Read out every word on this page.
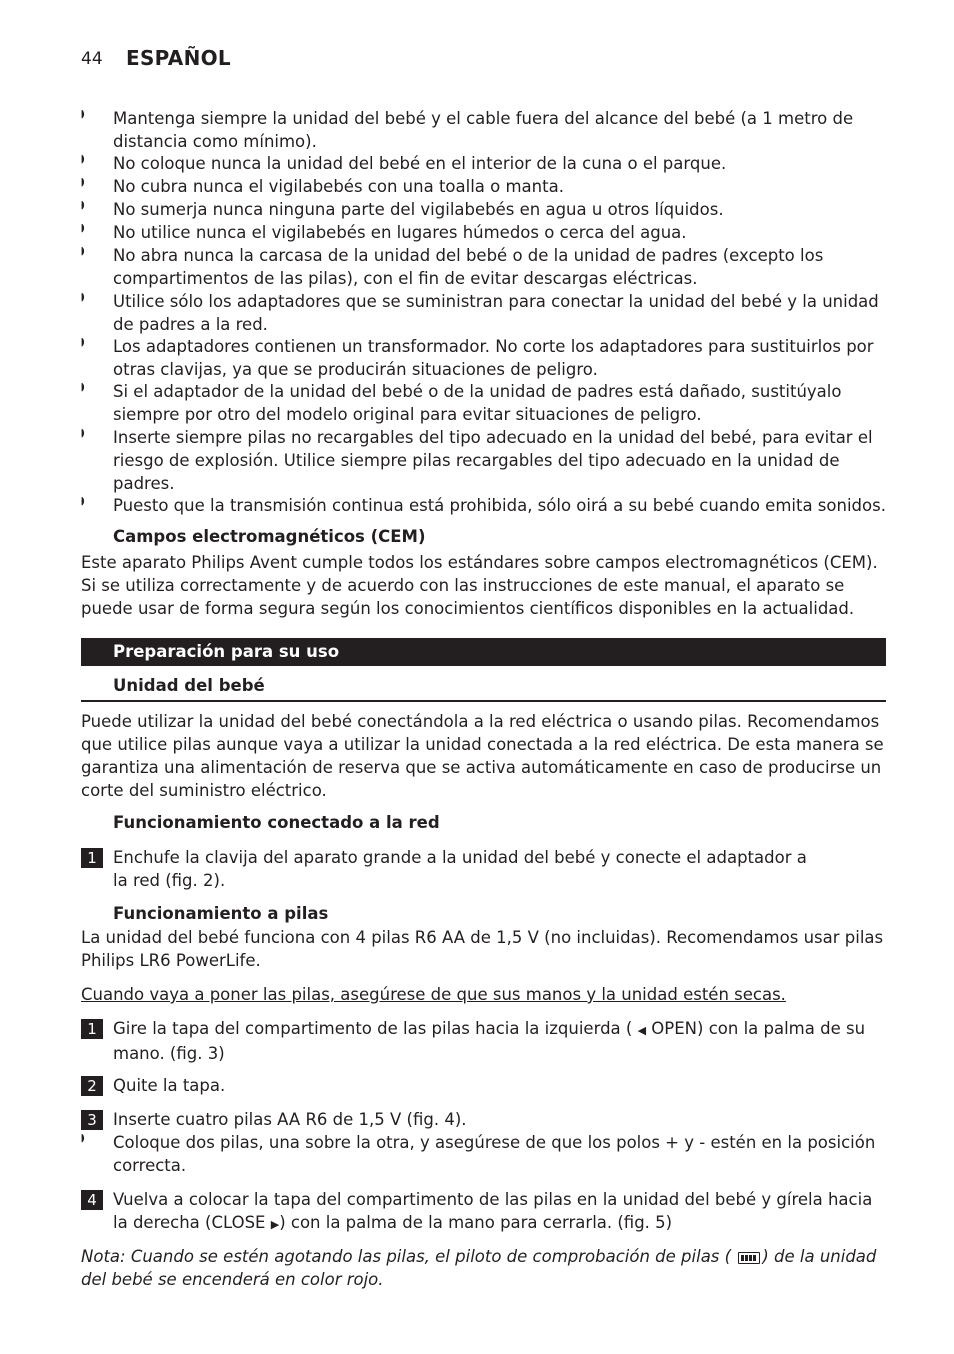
44 ESPAÑOL
◗ Mantenga siempre la unidad del bebé y el cable fuera del alcance del bebé (a 1 metro de distancia como mínimo).
◗ No coloque nunca la unidad del bebé en el interior de la cuna o el parque.
◗ No cubra nunca el vigilabebés con una toalla o manta.
◗ No sumerja nunca ninguna parte del vigilabebés en agua u otros líquidos.
◗ No utilice nunca el vigilabebés en lugares húmedos o cerca del agua.
◗ No abra nunca la carcasa de la unidad del bebé o de la unidad de padres (excepto los compartimentos de las pilas), con el fin de evitar descargas eléctricas.
◗ Utilice sólo los adaptadores que se suministran para conectar la unidad del bebé y la unidad de padres a la red.
◗ Los adaptadores contienen un transformador. No corte los adaptadores para sustituirlos por otras clavijas, ya que se producirán situaciones de peligro.
◗ Si el adaptador de la unidad del bebé o de la unidad de padres está dañado, sustitúyalo siempre por otro del modelo original para evitar situaciones de peligro.
◗ Inserte siempre pilas no recargables del tipo adecuado en la unidad del bebé, para evitar el riesgo de explosión. Utilice siempre pilas recargables del tipo adecuado en la unidad de padres.
◗ Puesto que la transmisión continua está prohibida, sólo oirá a su bebé cuando emita sonidos.
Campos electromagnéticos (CEM)
Este aparato Philips Avent cumple todos los estándares sobre campos electromagnéticos (CEM). Si se utiliza correctamente y de acuerdo con las instrucciones de este manual, el aparato se puede usar de forma segura según los conocimientos científicos disponibles en la actualidad.
Preparación para su uso
Unidad del bebé
Puede utilizar la unidad del bebé conectándola a la red eléctrica o usando pilas. Recomendamos que utilice pilas aunque vaya a utilizar la unidad conectada a la red eléctrica. De esta manera se garantiza una alimentación de reserva que se activa automáticamente en caso de producirse un corte del suministro eléctrico.
Funcionamiento conectado a la red
1 Enchufe la clavija del aparato grande a la unidad del bebé y conecte el adaptador a la red (fig. 2).
Funcionamiento a pilas
La unidad del bebé funciona con 4 pilas R6 AA de 1,5 V (no incluidas). Recomendamos usar pilas Philips LR6 PowerLife.
Cuando vaya a poner las pilas, asegúrese de que sus manos y la unidad estén secas.
1 Gire la tapa del compartimento de las pilas hacia la izquierda ( ◀ OPEN) con la palma de su mano. (fig. 3)
2 Quite la tapa.
3 Inserte cuatro pilas AA R6 de 1,5 V (fig. 4).
◗ Coloque dos pilas, una sobre la otra, y asegúrese de que los polos + y - estén en la posición correcta.
4 Vuelva a colocar la tapa del compartimento de las pilas en la unidad del bebé y gírela hacia la derecha (CLOSE ▶) con la palma de la mano para cerrarla. (fig. 5)
Nota: Cuando se estén agotando las pilas, el piloto de comprobación de pilas ( ) de la unidad del bebé se encenderá en color rojo.
